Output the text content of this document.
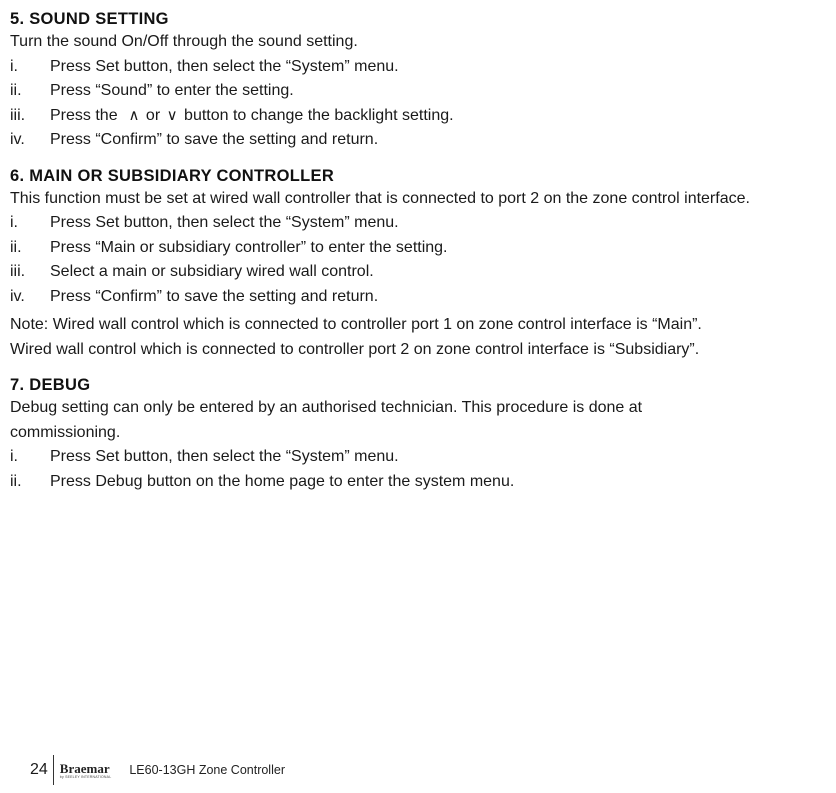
5. SOUND SETTING

Turn the sound On/Off through the sound setting.

i.	Press Set button, then select the “System” menu.
ii.	Press “Sound” to enter the setting.
iii.	Press the ∧ or ∨ button to change the backlight setting.
iv.	Press “Confirm” to save the setting and return.
6. MAIN OR SUBSIDIARY CONTROLLER

This function must be set at wired wall controller that is connected to port 2 on the zone control interface.

i.	Press Set button, then select the “System” menu.
ii.	Press “Main or subsidiary controller” to enter the setting.
iii.	Select a main or subsidiary wired wall control.
iv.	Press “Confirm” to save the setting and return.

Note: Wired wall control which is connected to controller port 1 on zone control interface is “Main”.

Wired wall control which is connected to controller port 2 on zone control interface is “Subsidiary”.

7. DEBUG

Debug setting can only be entered by an authorised technician. This procedure is done at commissioning.

i.	Press Set button, then select the “System” menu.
ii.	Press Debug button on the home page to enter the system menu.
24 Braemar
by SEELEY INTERNATIONAL LE60-13GH Zone Controller
